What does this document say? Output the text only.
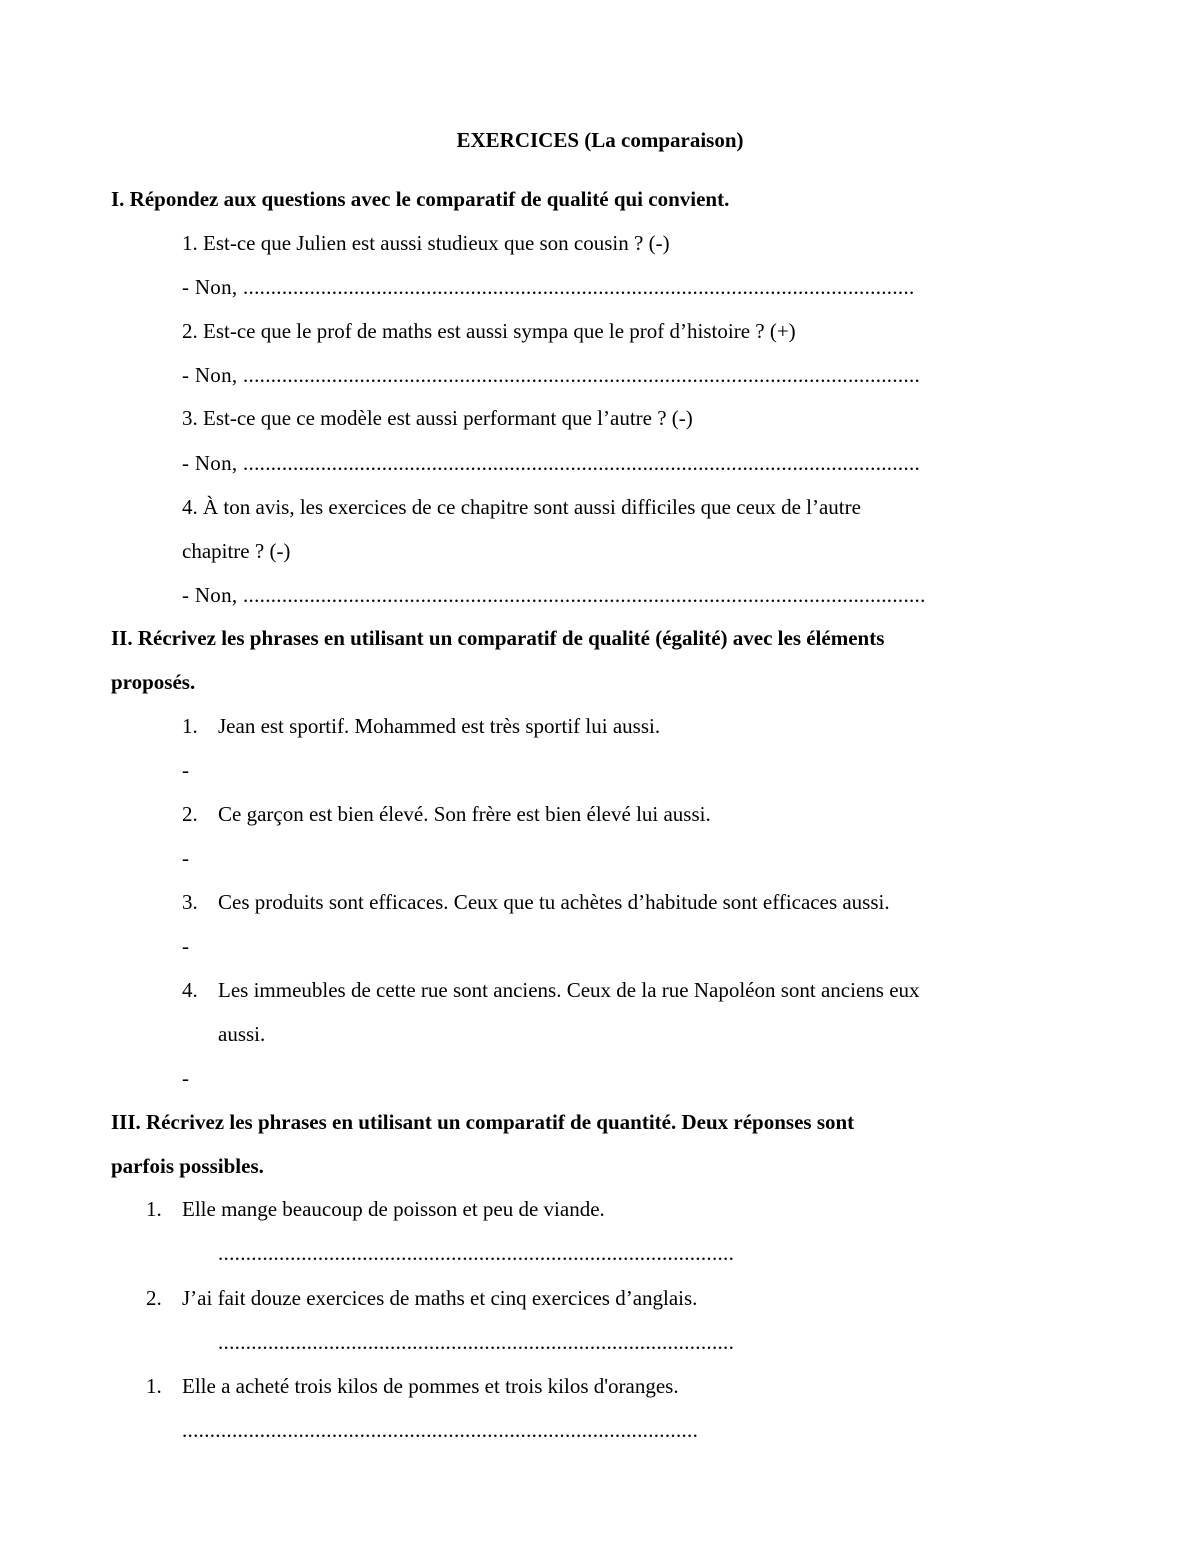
EXERCICES (La comparaison)
I. Répondez aux questions avec le comparatif de qualité qui convient.
1. Est-ce que Julien est aussi studieux que son cousin ? (-)
- Non, .........................................................................................................................
2. Est-ce que le prof de maths est aussi sympa que le prof d’histoire ? (+)
- Non, ..........................................................................................................................
3. Est-ce que ce modèle est aussi performant que l’autre ? (-)
- Non, ..........................................................................................................................
4. À ton avis, les exercices de ce chapitre sont aussi difficiles que ceux de l’autre
chapitre ? (-)
- Non, ...........................................................................................................................
II. Récrivez les phrases en utilisant un comparatif de qualité (égalité) avec les éléments
proposés.
1. Jean est sportif. Mohammed est très sportif lui aussi.
-
2. Ce garçon est bien élevé. Son frère est bien élevé lui aussi.
-
3. Ces produits sont efficaces. Ceux que tu achètes d’habitude sont efficaces aussi.
-
4. Les immeubles de cette rue sont anciens. Ceux de la rue Napoléon sont anciens eux
aussi.
-
III. Récrivez les phrases en utilisant un comparatif de quantité. Deux réponses sont
parfois possibles.
1. Elle mange beaucoup de poisson et peu de viande.
.............................................................................................
2. J’ai fait douze exercices de maths et cinq exercices d’anglais.
.............................................................................................
1. Elle a acheté trois kilos de pommes et trois kilos d'oranges.
.............................................................................................
